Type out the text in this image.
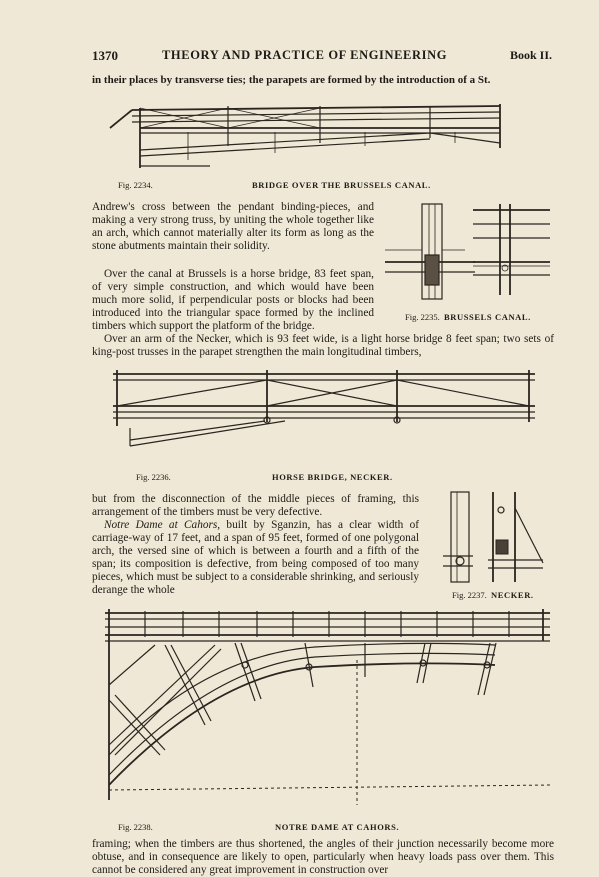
1370	THEORY AND PRACTICE OF ENGINEERING	Book II.
in their places by transverse ties; the parapets are formed by the introduction of a St.
Fig. 2234.	BRIDGE OVER THE BRUSSELS CANAL.
Andrew's cross between the pendant binding-pieces, and making a very strong truss, by uniting the whole together like an arch, which cannot materially alter its form as long as the stone abutments maintain their solidity.
Over the canal at Brussels is a horse bridge, 83 feet span, of very simple construction, and which would have been much more solid, if perpendicular posts or blocks had been introduced into the triangular space formed by the inclined timbers which support the platform of the bridge.
Fig. 2235. BRUSSELS CANAL.
Over an arm of the Necker, which is 93 feet wide, is a light horse bridge 8 feet span; two sets of king-post trusses in the parapet strengthen the main longitudinal timbers,
Fig. 2236.	HORSE BRIDGE, NECKER.
but from the disconnection of the middle pieces of framing, this arrangement of the timbers must be very defective.
Notre Dame at Cahors, built by Sganzin, has a clear width of carriage-way of 17 feet, and a span of 95 feet, formed of one polygonal arch, the versed sine of which is between a fourth and a fifth of the span; its composition is defective, from being composed of too many pieces, which must be subject to a considerable shrinking, and seriously derange the whole	Fig. 2237. NECKER.
Fig. 2238.	NOTRE DAME AT CAHORS.
framing; when the timbers are thus shortened, the angles of their junction necessarily become more obtuse, and in consequence are likely to open, particularly when heavy loads pass over them. This cannot be considered any great improvement in construction over
